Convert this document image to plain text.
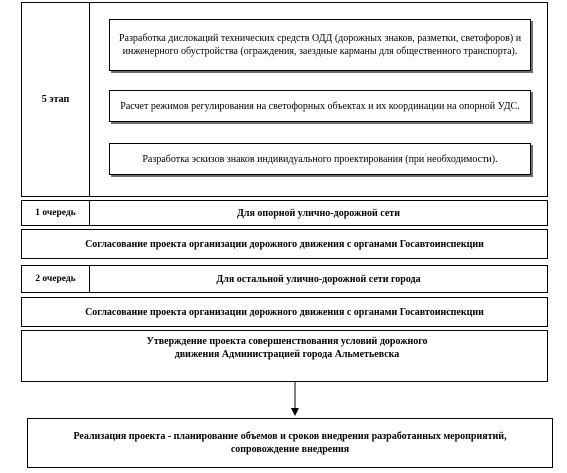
5 этап
Разработка дислокаций технических средств ОДД (дорожных знаков, разметки, светофоров) и инженерного обустройства (ограждения, заездные карманы для общественного транспорта).
Расчет режимов регулирования на светофорных объектах и их координации на опорной УДС.
Разработка эскизов знаков индивидуального проектирования (при необходимости).
1 очередь	Для опорной улично-дорожной сети
Согласование проекта организации дорожного движения с органами Госавтоинспекции
2 очередь	Для остальной улично-дорожной сети города
Согласование проекта организации дорожного движения с органами Госавтоинспекции
Утверждение проекта совершенствования условий дорожного движения Администрацией города Альметьевска
Реализация проекта - планирование объемов и сроков внедрения разработанных мероприятий, сопровождение внедрения
